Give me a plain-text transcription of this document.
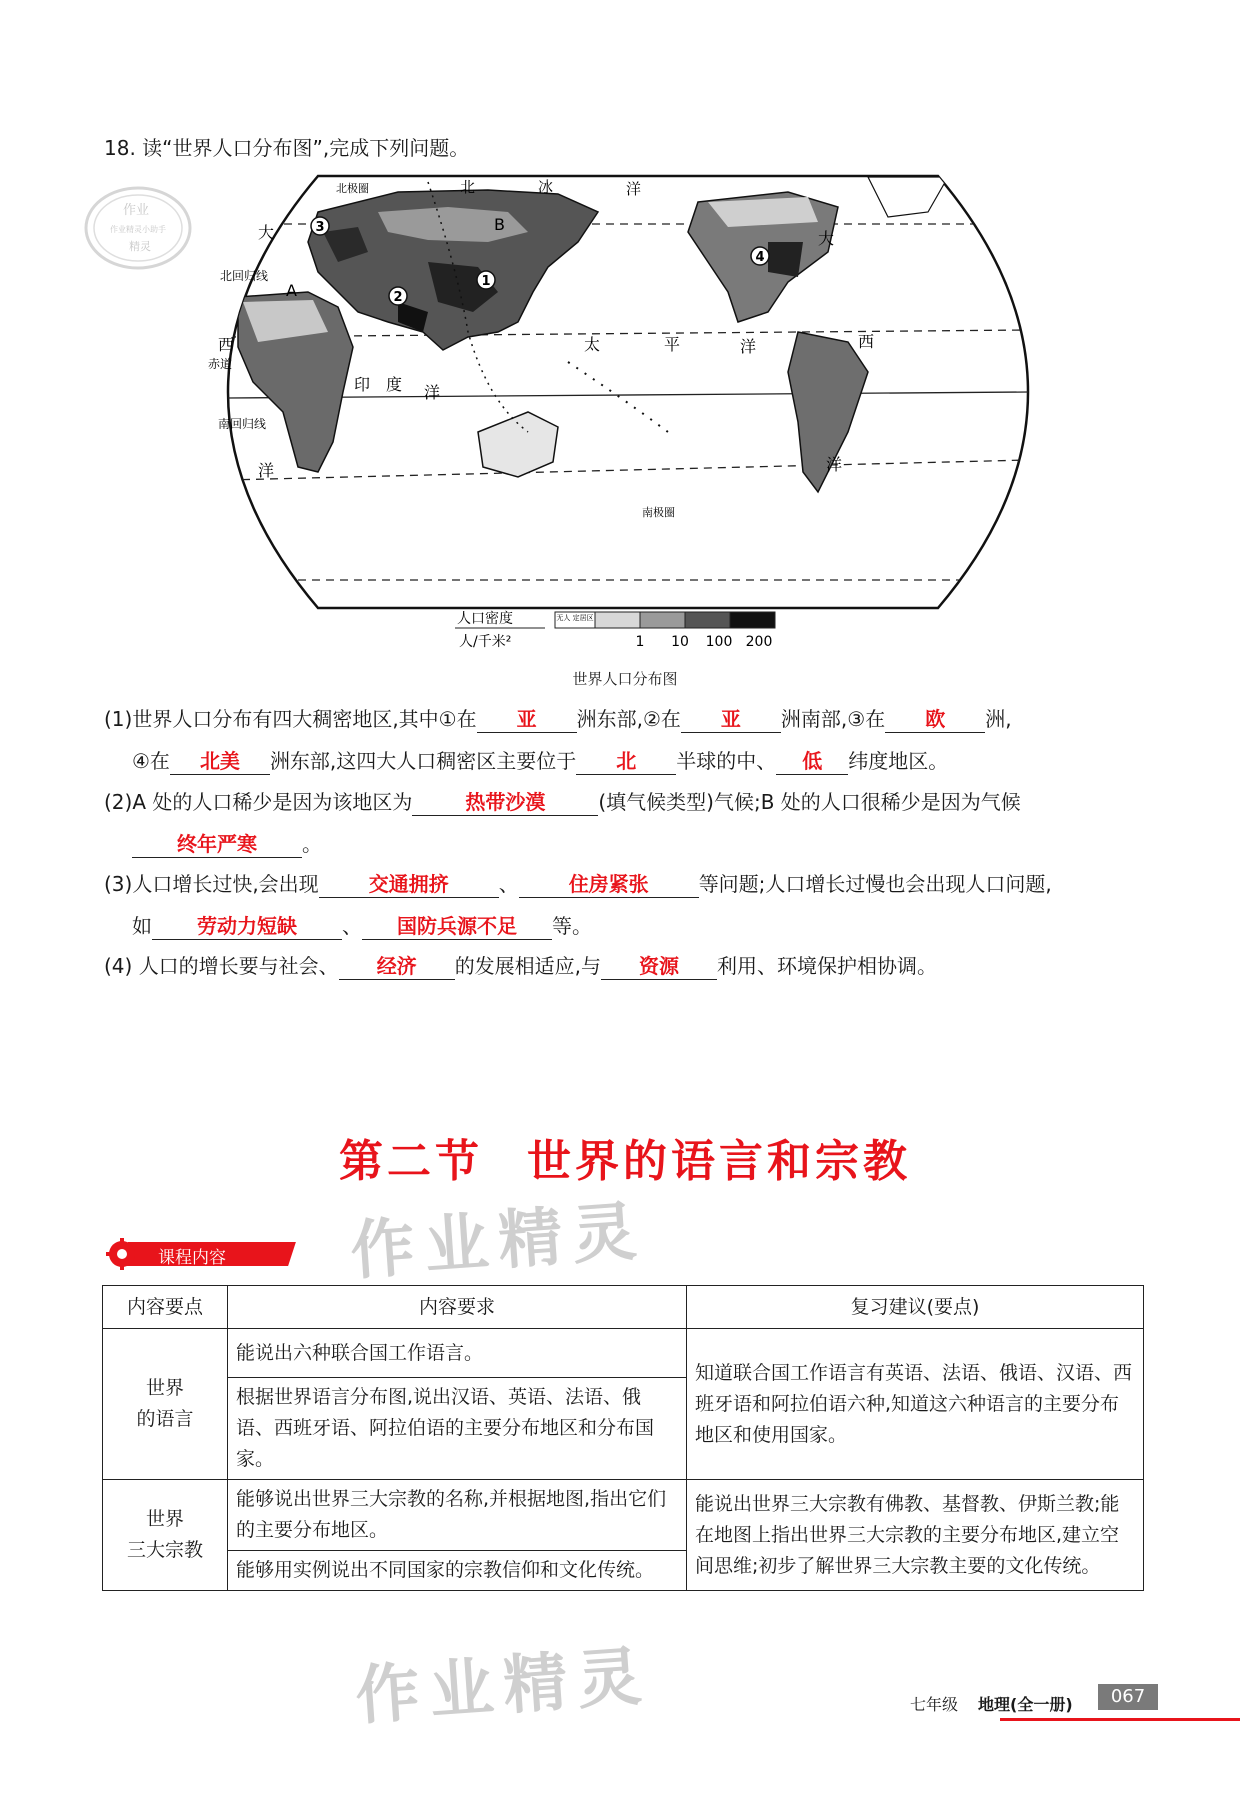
作业
作业精灵小助手
精灵
18. 读“世界人口分布图”,完成下列问题。
1
2
3
4
A
B
北极圈
南极圈
北回归线
赤道
南回归线
北	冰	洋
大
西
洋
大
西
洋
印 度 洋
太	平	洋
人口密度
人/千米²
无人 定居区
1 10 100 200
世界人口分布图
(1)世界人口分布有四大稠密地区,其中①在 亚 洲东部,②在 亚 洲南部,③在 欧 洲,
④在 北美 洲东部,这四大人口稠密区主要位于 北 半球的中、 低 纬度地区。
(2)A 处的人口稀少是因为该地区为	热带沙漠	(填气候类型)气候;B 处的人口很稀少是因为气候
终年严寒 。
(3)人口增长过快,会出现	交通拥挤	、	住房紧张	等问题;人口增长过慢也会出现人口问题,
如 劳动力短缺 、 国防兵源不足 等。
(4) 人口的增长要与社会、 经济 的发展相适应,与 资源 利用、环境保护相协调。
第二节 世界的语言和宗教
作业精灵
课程内容
内容要点	内容要求	复习建议(要点)
世界
的语言	能说出六种联合国工作语言。	知道联合国工作语言有英语、法语、俄语、汉语、西班牙语和阿拉伯语六种,知道这六种语言的主要分布地区和使用国家。
	根据世界语言分布图,说出汉语、英语、法语、俄语、西班牙语、阿拉伯语的主要分布地区和分布国家。	
世界
三大宗教	能够说出世界三大宗教的名称,并根据地图,指出它们的主要分布地区。	能说出世界三大宗教有佛教、基督教、伊斯兰教;能在地图上指出世界三大宗教的主要分布地区,建立空间思维;初步了解世界三大宗教主要的文化传统。
	能够用实例说出不同国家的宗教信仰和文化传统。	
作业精灵	七年级 地理(全一册)	067
